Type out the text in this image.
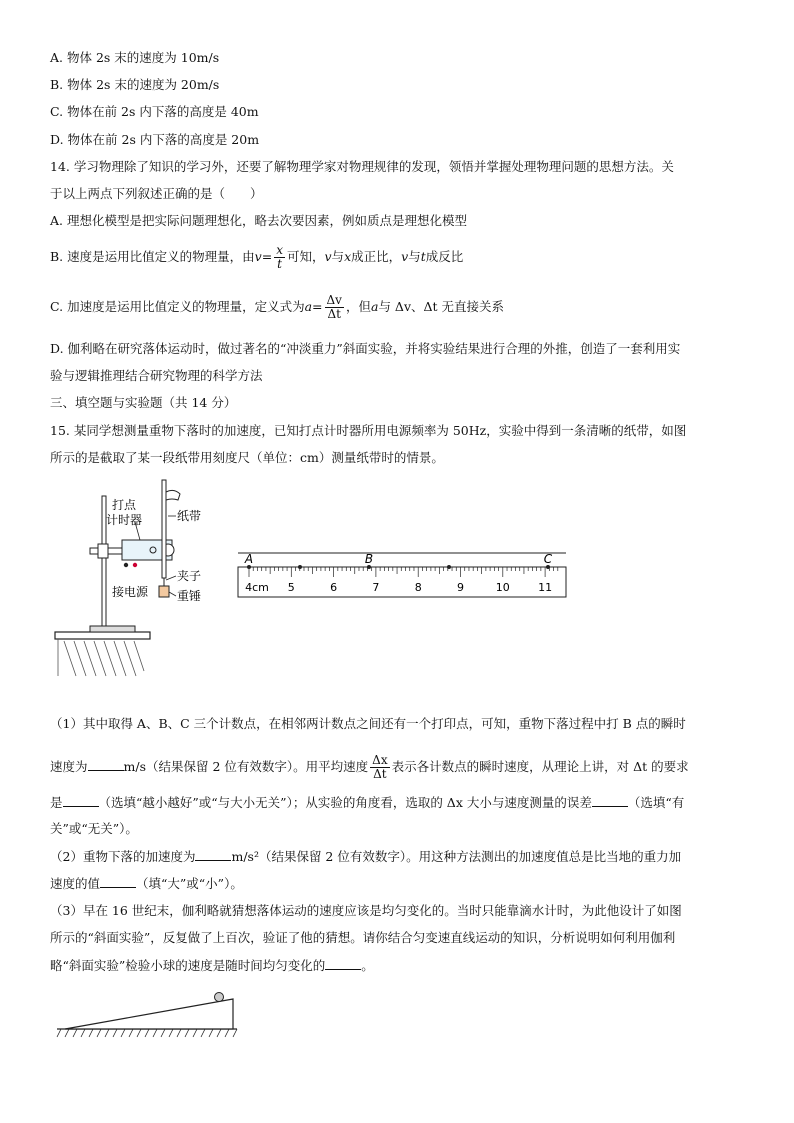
A. 物体 2s 末的速度为 10m/s
B. 物体 2s 末的速度为 20m/s
C. 物体在前 2s 内下落的高度是 40m
D. 物体在前 2s 内下落的高度是 20m
14. 学习物理除了知识的学习外，还要了解物理学家对物理规律的发现，领悟并掌握处理物理问题的思想方法。关
于以上两点下列叙述正确的是（　　）
A. 理想化模型是把实际问题理想化，略去次要因素，例如质点是理想化模型
B. 速度是运用比值定义的物理量，由$v= \frac{x}{t}$ 可知，v与x成正比，v与t成反比
C. 加速度是运用比值定义的物理量，定义式为$a= \frac{\Delta v}{\Delta t}$ ，但a与 Δv、Δt 无直接关系
D. 伽利略在研究落体运动时，做过著名的“冲淡重力”斜面实验，并将实验结果进行合理的外推，创造了一套利用实
验与逻辑推理结合研究物理的科学方法
三、填空题与实验题（共 14 分）
15. 某同学想测量重物下落时的加速度，已知打点计时器所用电源频率为 50Hz，实验中得到一条清晰的纸带，如图
所示的是截取了某一段纸带用刻度尺（单位：cm）测量纸带时的情景。
打点
计时器	纸带
夹子
接电源 重锤
4cm 5	6	7	8	9	10	11
A	B	C
（1）其中取得 A、B、C 三个计数点，在相邻两计数点之间还有一个打印点，可知，重物下落过程中打 B 点的瞬时
速度为	m/s（结果保留 2 位有效数字）。用平均速度 $\frac{\Delta x}{\Delta t}$ 表示各计数点的瞬时速度，从理论上讲，对 Δt 的要求
是	（选填“越小越好”或“与大小无关”）；从实验的角度看，选取的 Δx 大小与速度测量的误差	（选填“有
关”或“无关”）。
（2）重物下落的加速度为	m/s²（结果保留 2 位有效数字）。用这种方法测出的加速度值总是比当地的重力加
速度的值	（填“大”或“小”）。
（3）早在 16 世纪末，伽利略就猜想落体运动的速度应该是均匀变化的。当时只能靠滴水计时，为此他设计了如图
所示的“斜面实验”，反复做了上百次，验证了他的猜想。请你结合匀变速直线运动的知识，分析说明如何利用伽利
略“斜面实验”检验小球的速度是随时间均匀变化的	。
